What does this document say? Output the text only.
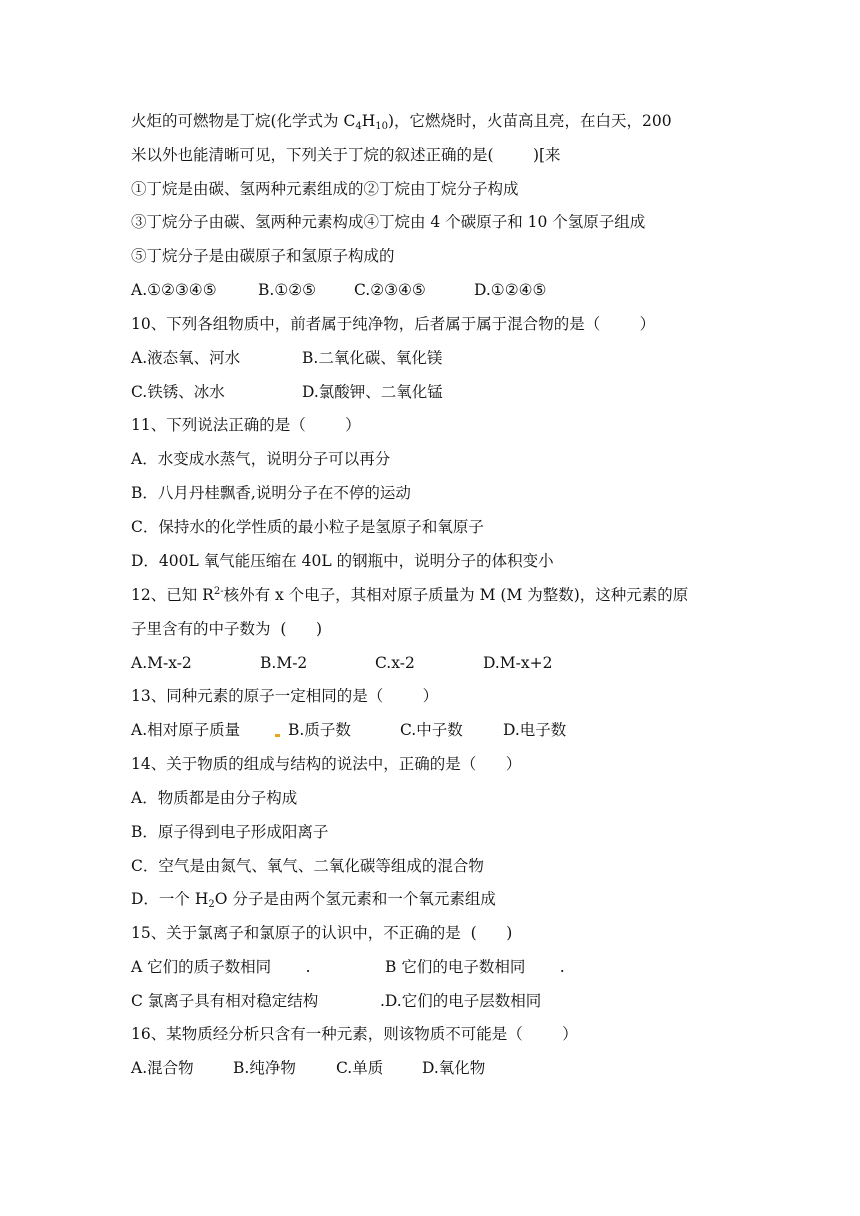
火炬的可燃物是丁烷(化学式为 $C_4H_{10}$)，它燃烧时，火苗高且亮，在白天，200

米以外也能清晰可见，下列关于丁烷的叙述正确的是(        )[来

①丁烷是由碳、氢两种元素组成的②丁烷由丁烷分子构成

③丁烷分子由碳、氢两种元素构成④丁烷由 4 个碳原子和 10 个氢原子组成

⑤丁烷分子是由碳原子和氢原子构成的

A.①②③④⑤	B.①②⑤ C.②③④⑤	D.①②④⑤

10、下列各组物质中，前者属于纯净物，后者属于属于混合物的是（        ）

A.液态氧、河水	B.二氧化碳、氧化镁

C.铁锈、冰水	D.氯酸钾、二氧化锰

11、下列说法正确的是（        ）

A．水变成水蒸气，说明分子可以再分

B．八月丹桂飘香,说明分子在不停的运动

C．保持水的化学性质的最小粒子是氢原子和氧原子

D．400L 氧气能压缩在 40L 的钢瓶中，说明分子的体积变小

12、已知 $R^{2-}$核外有 x 个电子，其相对原子质量为 M (M 为整数)，这种元素的原

子里含有的中子数为  (      )

A.M-x-2	B.M-2	C.x-2	D.M-x+2

13、同种元素的原子一定相同的是（        ）

A.相对原子质量	B.质子数	C.中子数	D.电子数

14、关于物质的组成与结构的说法中，正确的是（      ）

A．物质都是由分子构成

B．原子得到电子形成阳离子

C．空气是由氮气、氧气、二氧化碳等组成的混合物

D．一个 $H_2O$ 分子是由两个氢元素和一个氧元素组成

15、关于氯离子和氯原子的认识中，不正确的是  (      )

A 它们的质子数相同       .	B 它们的电子数相同       .

C 氯离子具有相对稳定结构	.D.它们的电子层数相同

16、某物质经分析只含有一种元素，则该物质不可能是（        ）

A.混合物	B.纯净物	C.单质	D.氧化物
